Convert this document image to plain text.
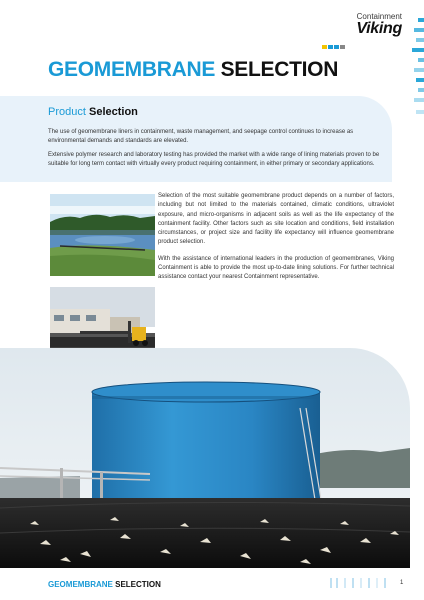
Containment
Viking
GEOMEMBRANE SELECTION
Product Selection

The use of geomembrane liners in containment, waste management, and seepage control continues to increase as environmental demands and standards are elevated.

Extensive polymer research and laboratory testing has provided the market with a wide range of lining materials proven to be suitable for long term contact with virtually every product requiring containment, in either primary or secondary applications.

Selection of the most suitable geomembrane product depends on a number of factors, including but not limited to the materials contained, climatic conditions, ultraviolet exposure, and micro-organisms in adjacent soils as well as the life expectancy of the containment facility. Other factors such as site location and conditions, field installation circumstances, or project size and facility life expectancy will influence geomembrane product selection.

With the assistance of international leaders in the production of geomembranes, Viking Containment is able to provide the most up-to-date lining solutions. For further technical assistance contact your nearest Containment representative.

GEOMEMBRANE SELECTION	1
